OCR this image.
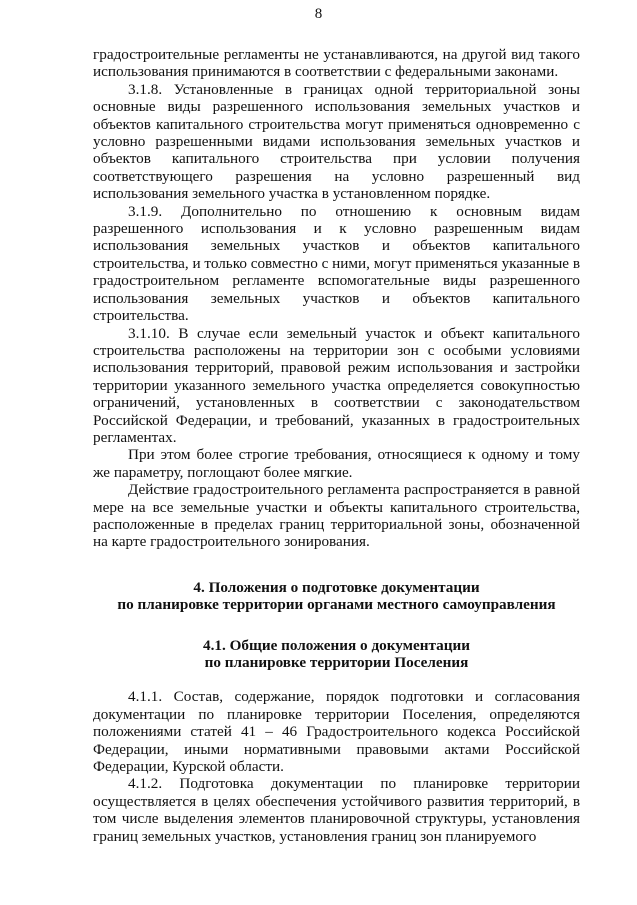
8

градостроительные регламенты не устанавливаются, на другой вид такого использования принимаются в соответствии с федеральными законами.

3.1.8. Установленные в границах одной территориальной зоны основные виды разрешенного использования земельных участков и объектов капитального строительства могут применяться одновременно с условно разрешенными видами использования земельных участков и объектов капитального строительства при условии получения соответствующего разрешения на условно разрешенный вид использования земельного участка в установленном порядке.

3.1.9. Дополнительно по отношению к основным видам разрешенного использования и к условно разрешенным видам использования земельных участков и объектов капитального строительства, и только совместно с ними, могут применяться указанные в градостроительном регламенте вспомогательные виды разрешенного использования земельных участков и объектов капитального строительства.

3.1.10. В случае если земельный участок и объект капитального строительства расположены на территории зон с особыми условиями использования территорий, правовой режим использования и застройки территории указанного земельного участка определяется совокупностью ограничений, установленных в соответствии с законодательством Российской Федерации, и требований, указанных в градостроительных регламентах.

При этом более строгие требования, относящиеся к одному и тому же параметру, поглощают более мягкие.

Действие градостроительного регламента распространяется в равной мере на все земельные участки и объекты капитального строительства, расположенные в пределах границ территориальной зоны, обозначенной на карте градостроительного зонирования.

4. Положения о подготовке документации
по планировке территории органами местного самоуправления
4.1. Общие положения о документации
по планировке территории Поселения

4.1.1. Состав, содержание, порядок подготовки и согласования документации по планировке территории Поселения, определяются положениями статей 41 – 46 Градостроительного кодекса Российской Федерации, иными нормативными правовыми актами Российской Федерации, Курской области.

4.1.2. Подготовка документации по планировке территории осуществляется в целях обеспечения устойчивого развития территорий, в том числе выделения элементов планировочной структуры, установления границ земельных участков, установления границ зон планируемого
